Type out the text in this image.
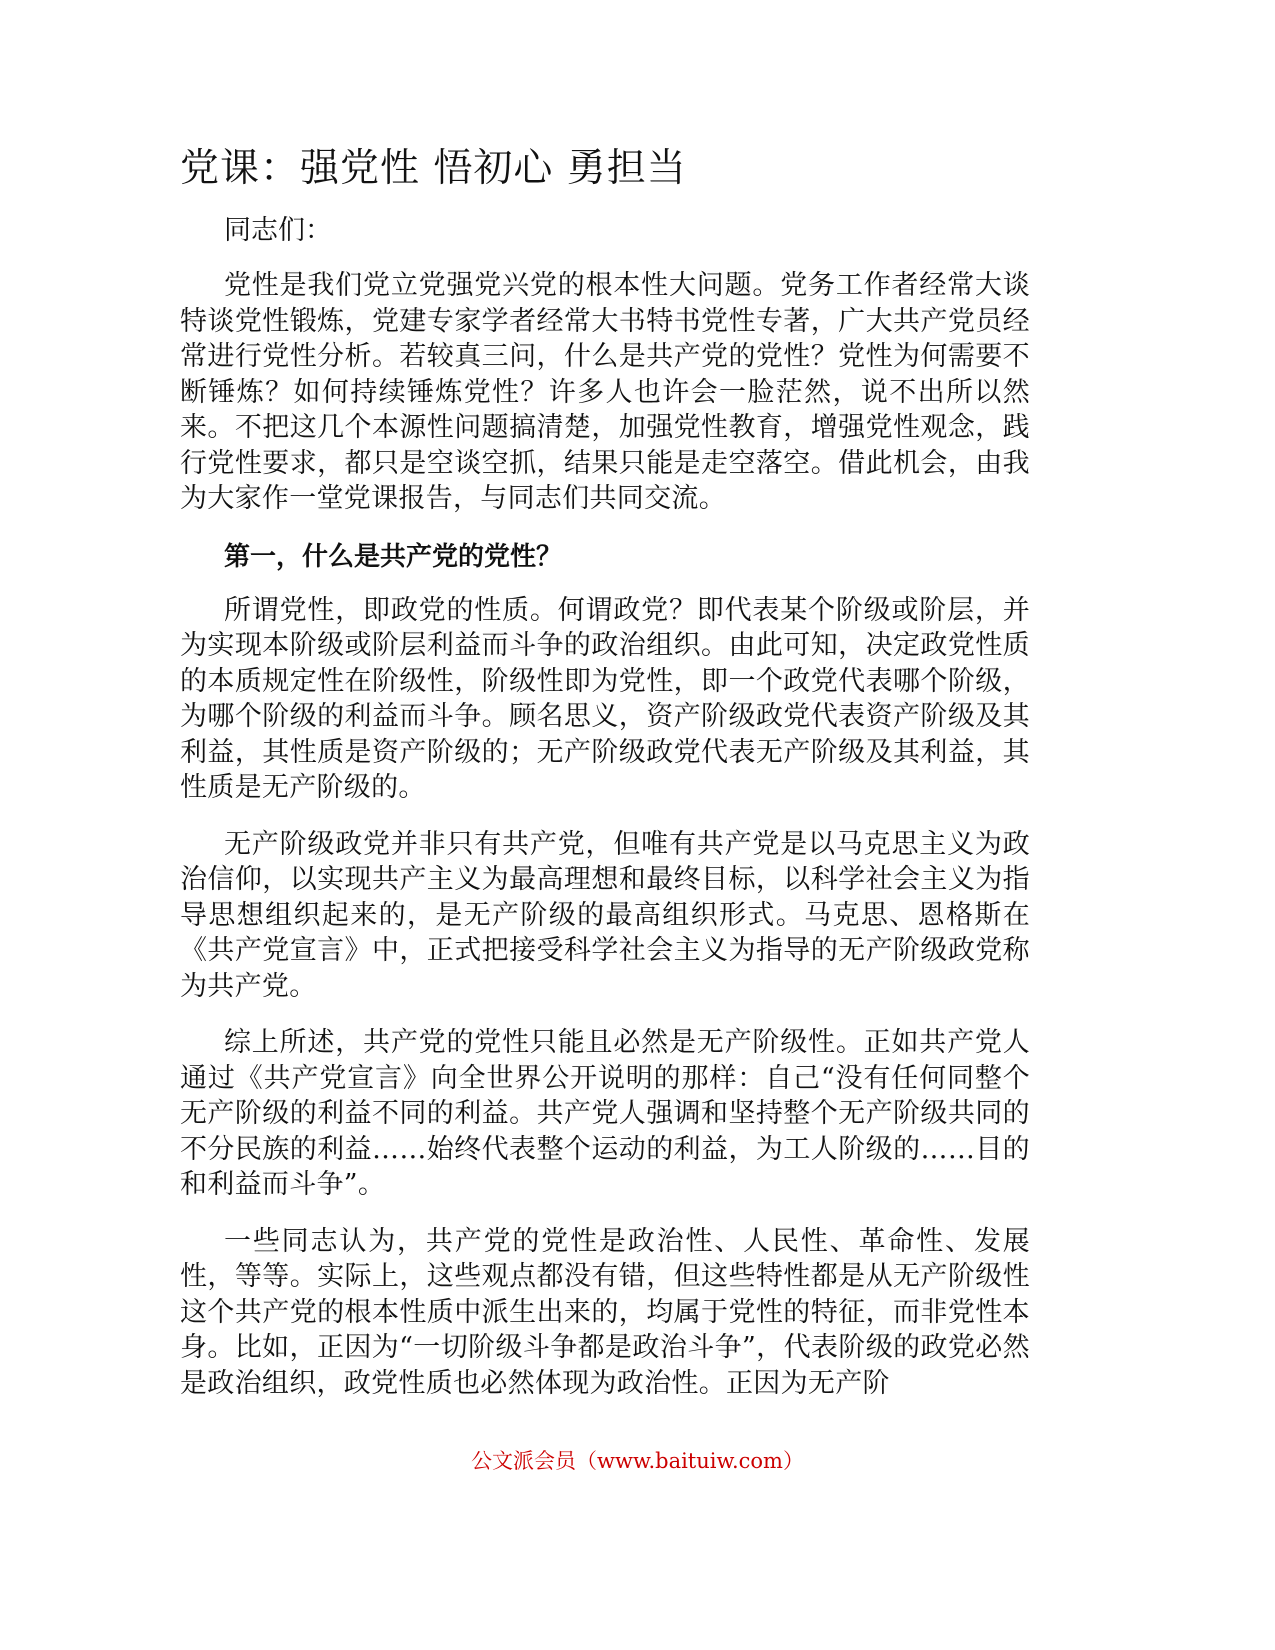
党课：强党性 悟初心 勇担当

同志们：

党性是我们党立党强党兴党的根本性大问题。党务工作者经常大谈特谈党性锻炼，党建专家学者经常大书特书党性专著，广大共产党员经常进行党性分析。若较真三问，什么是共产党的党性？党性为何需要不断锤炼？如何持续锤炼党性？许多人也许会一脸茫然，说不出所以然来。不把这几个本源性问题搞清楚，加强党性教育，增强党性观念，践行党性要求，都只是空谈空抓，结果只能是走空落空。借此机会，由我为大家作一堂党课报告，与同志们共同交流。

第一，什么是共产党的党性？

所谓党性，即政党的性质。何谓政党？即代表某个阶级或阶层，并为实现本阶级或阶层利益而斗争的政治组织。由此可知，决定政党性质的本质规定性在阶级性，阶级性即为党性，即一个政党代表哪个阶级，为哪个阶级的利益而斗争。顾名思义，资产阶级政党代表资产阶级及其利益，其性质是资产阶级的；无产阶级政党代表无产阶级及其利益，其性质是无产阶级的。

无产阶级政党并非只有共产党，但唯有共产党是以马克思主义为政治信仰，以实现共产主义为最高理想和最终目标，以科学社会主义为指导思想组织起来的，是无产阶级的最高组织形式。马克思、恩格斯在《共产党宣言》中，正式把接受科学社会主义为指导的无产阶级政党称为共产党。

综上所述，共产党的党性只能且必然是无产阶级性。正如共产党人通过《共产党宣言》向全世界公开说明的那样：自己“没有任何同整个无产阶级的利益不同的利益。共产党人强调和坚持整个无产阶级共同的不分民族的利益……始终代表整个运动的利益，为工人阶级的……目的和利益而斗争”。

一些同志认为，共产党的党性是政治性、人民性、革命性、发展性，等等。实际上，这些观点都没有错，但这些特性都是从无产阶级性这个共产党的根本性质中派生出来的，均属于党性的特征，而非党性本身。比如，正因为“一切阶级斗争都是政治斗争”，代表阶级的政党必然是政治组织，政党性质也必然体现为政治性。正因为无产阶

公文派会员（www.baituiw.com）
